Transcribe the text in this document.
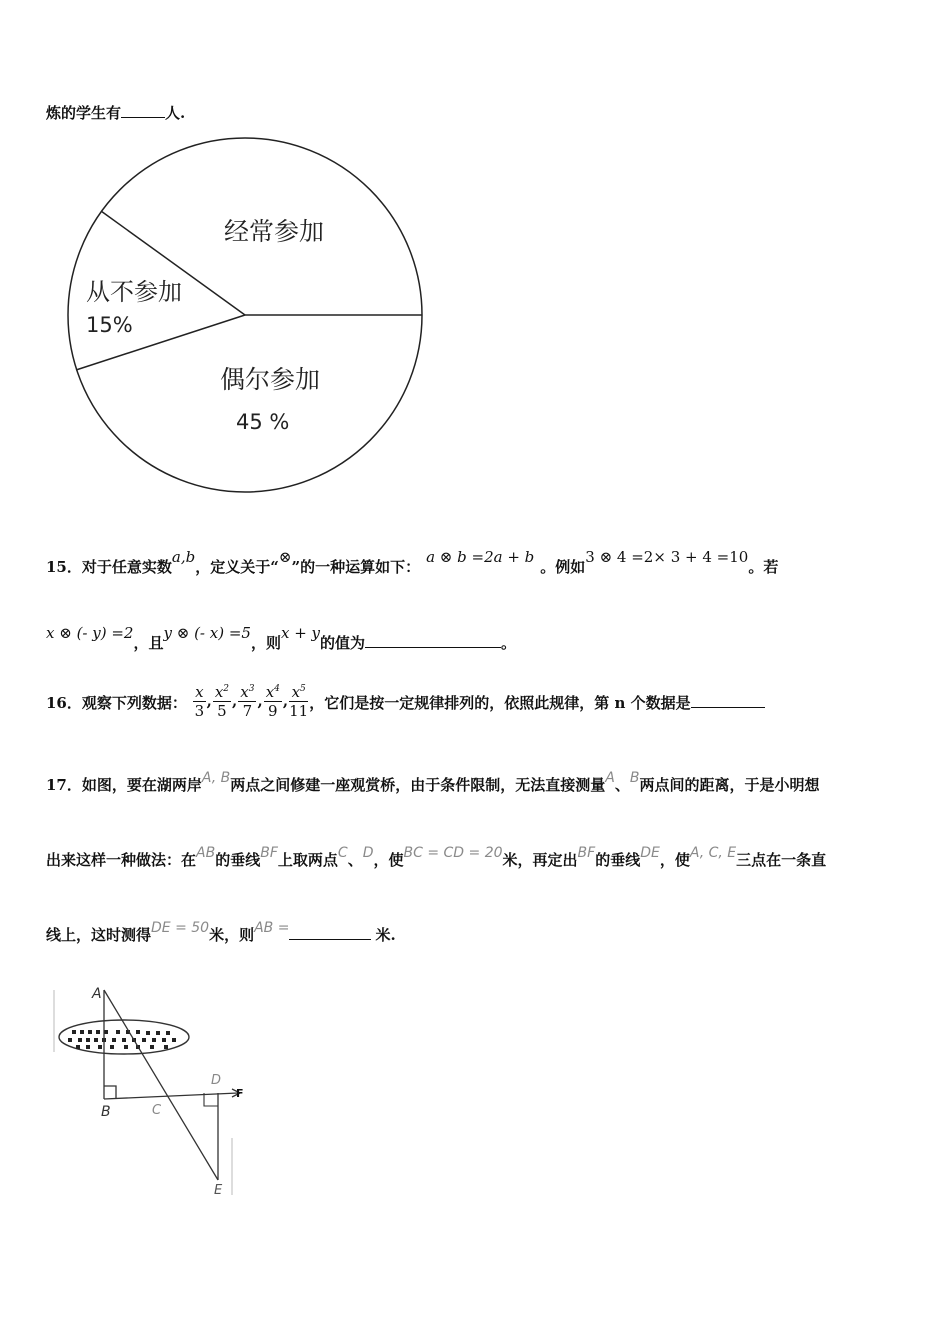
炼的学生有	人.
经常参加
从不参加
15%
偶尔参加
45 %
15．对于任意实数a,b，定义关于“⊗”的一种运算如下：a ⊗ b =2a + b。例如3 ⊗ 4 =2× 3 + 4 =10。若
x ⊗ (- y) =2，且y ⊗ (- x) =5，则x + y的值为	。
16．观察下列数据： $\frac{x}{3}$ , $\frac{x^2}{5}$ , $\frac{x^3}{7}$ , $\frac{x^4}{9}$ , $\frac{x^5}{11}$ ，它们是按一定规律排列的，依照此规律，第 n 个数据是
17．如图，要在湖两岸A, B两点之间修建一座观赏桥，由于条件限制，无法直接测量A、B两点间的距离，于是小明想
出来这样一种做法：在AB的垂线BF上取两点C、D，使BC = CD = 20米，再定出BF的垂线DE，使A, C, E三点在一条直
线上，这时测得DE = 50米，则AB =	米.
A
B	C
D
E
F
